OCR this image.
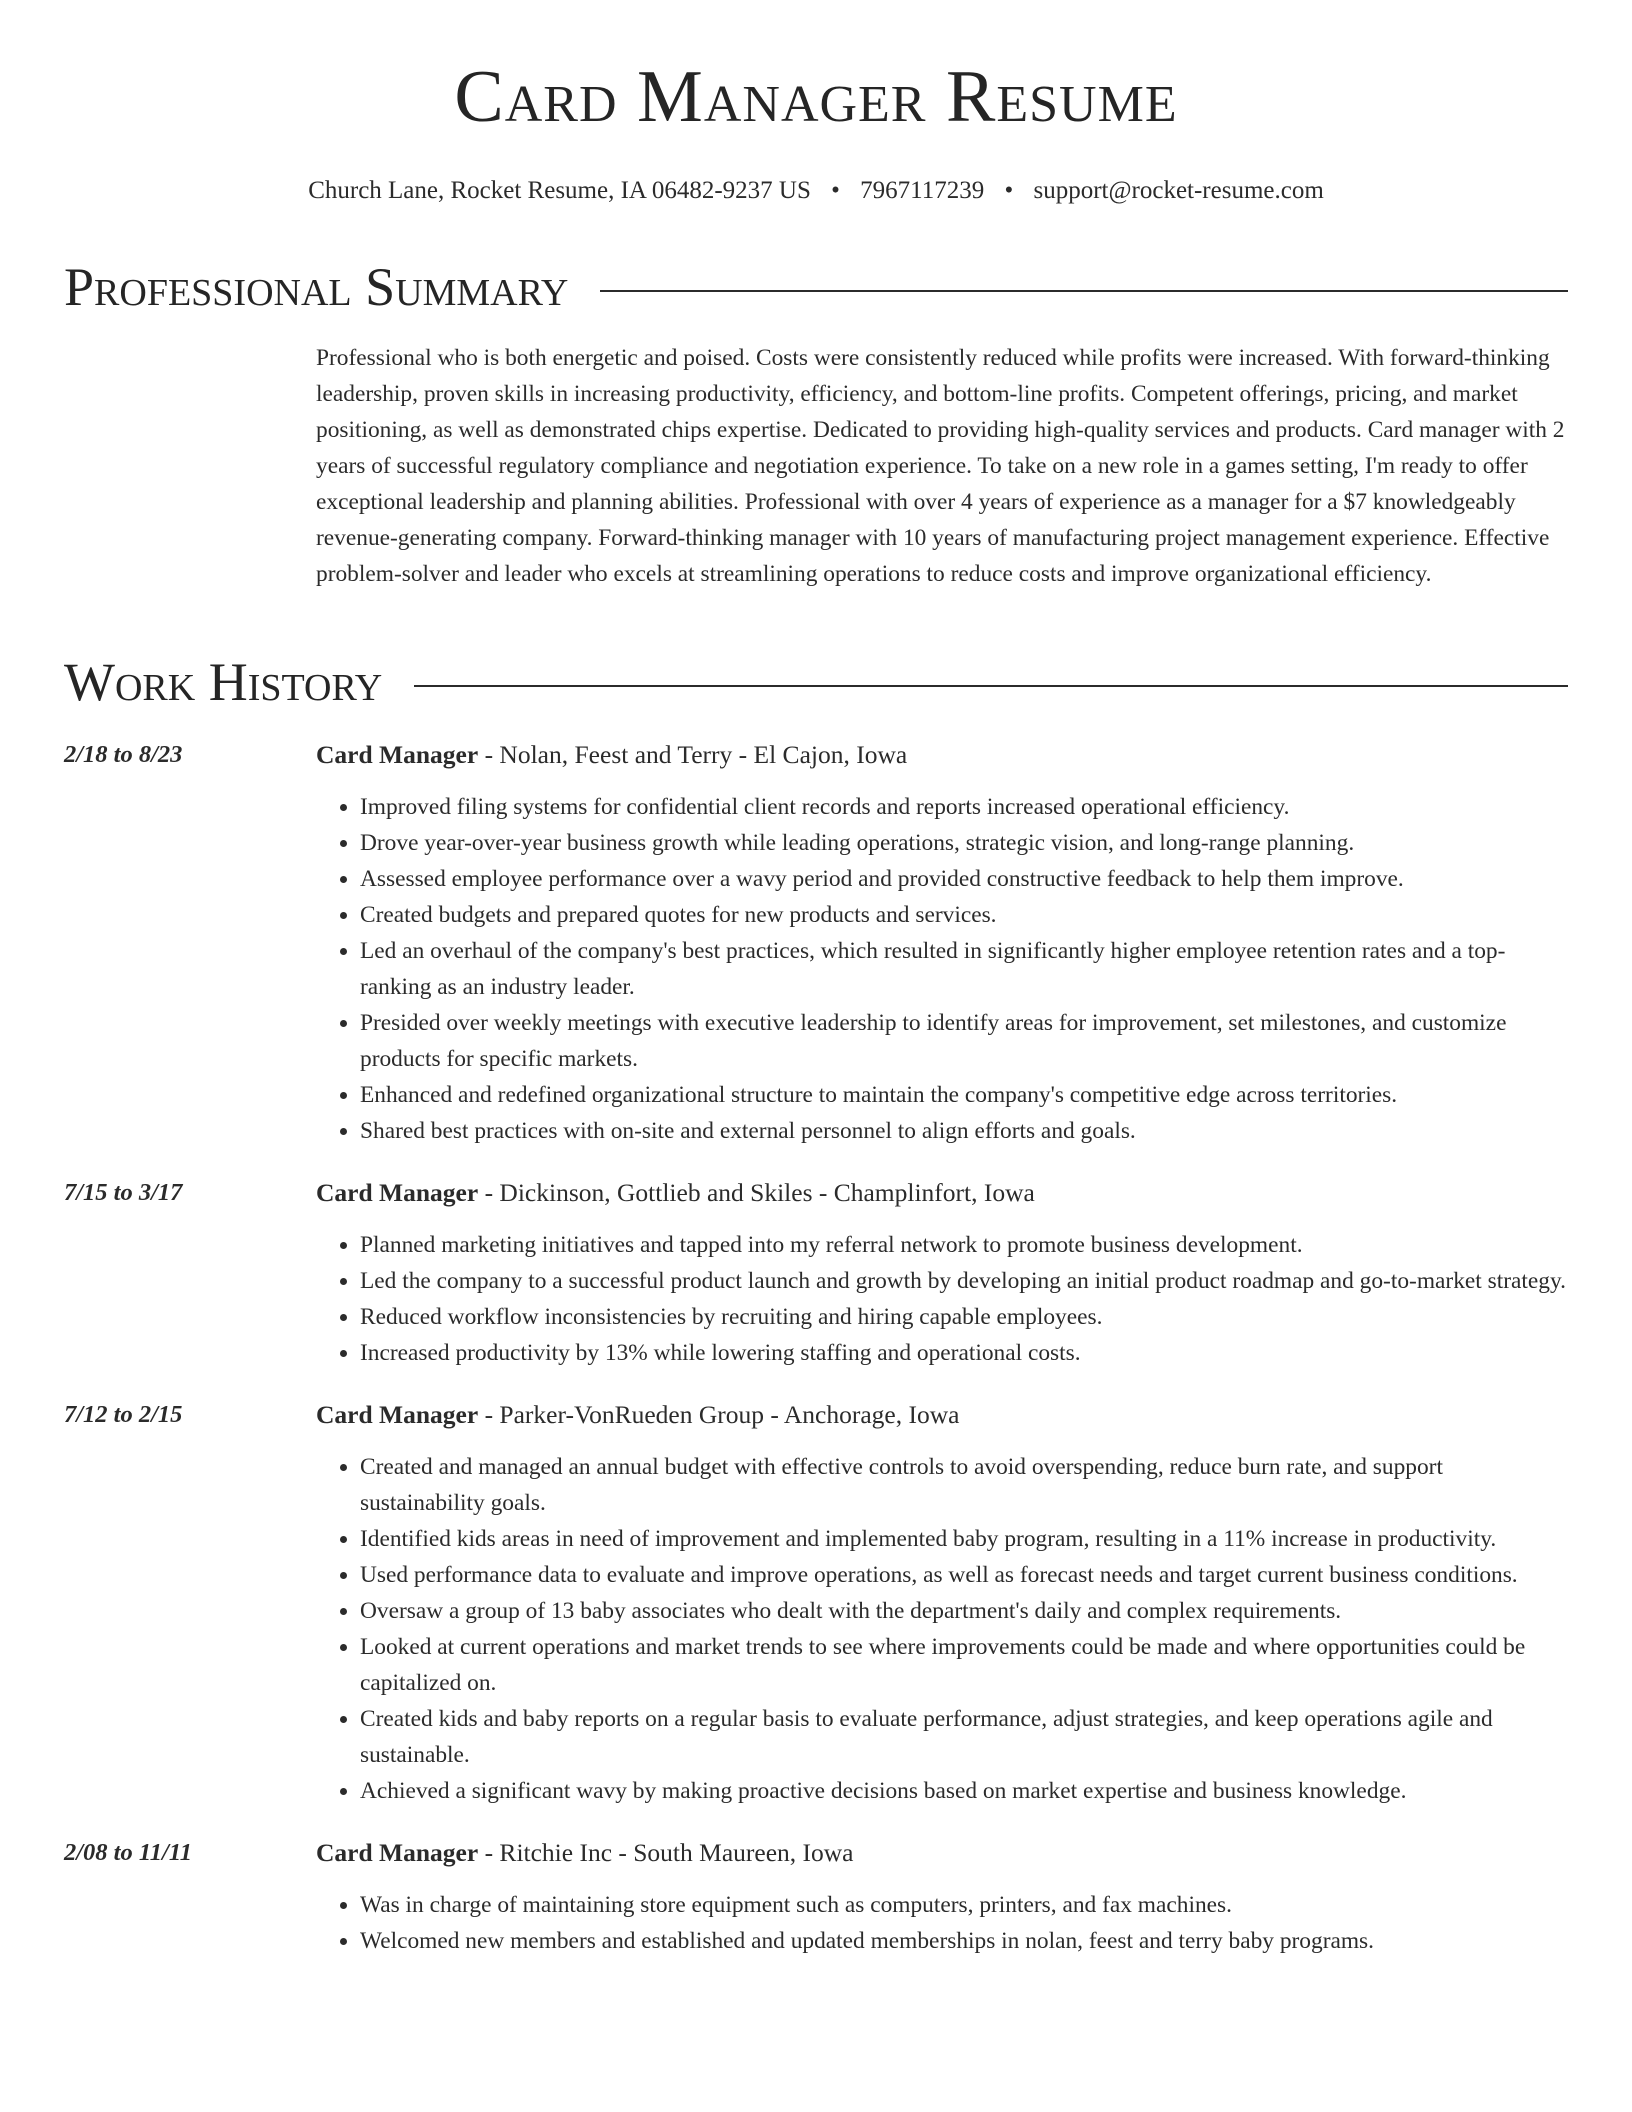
Card Manager Resume
Church Lane, Rocket Resume, IA 06482-9237 US • 7967117239 • support@rocket-resume.com
Professional Summary
Professional who is both energetic and poised. Costs were consistently reduced while profits were increased. With forward-thinking leadership, proven skills in increasing productivity, efficiency, and bottom-line profits. Competent offerings, pricing, and market positioning, as well as demonstrated chips expertise. Dedicated to providing high-quality services and products. Card manager with 2 years of successful regulatory compliance and negotiation experience. To take on a new role in a games setting, I'm ready to offer exceptional leadership and planning abilities. Professional with over 4 years of experience as a manager for a $7 knowledgeably revenue-generating company. Forward-thinking manager with 10 years of manufacturing project management experience. Effective problem-solver and leader who excels at streamlining operations to reduce costs and improve organizational efficiency.
Work History
2/18 to 8/23	Card Manager - Nolan, Feest and Terry - El Cajon, Iowa
• Improved filing systems for confidential client records and reports increased operational efficiency.
• Drove year-over-year business growth while leading operations, strategic vision, and long-range planning.
• Assessed employee performance over a wavy period and provided constructive feedback to help them improve.
• Created budgets and prepared quotes for new products and services.
• Led an overhaul of the company's best practices, which resulted in significantly higher employee retention rates and a top-ranking as an industry leader.
• Presided over weekly meetings with executive leadership to identify areas for improvement, set milestones, and customize products for specific markets.
• Enhanced and redefined organizational structure to maintain the company's competitive edge across territories.
• Shared best practices with on-site and external personnel to align efforts and goals.
7/15 to 3/17	Card Manager - Dickinson, Gottlieb and Skiles - Champlinfort, Iowa
• Planned marketing initiatives and tapped into my referral network to promote business development.
• Led the company to a successful product launch and growth by developing an initial product roadmap and go-to-market strategy.
• Reduced workflow inconsistencies by recruiting and hiring capable employees.
• Increased productivity by 13% while lowering staffing and operational costs.
7/12 to 2/15	Card Manager - Parker-VonRueden Group - Anchorage, Iowa
• Created and managed an annual budget with effective controls to avoid overspending, reduce burn rate, and support sustainability goals.
• Identified kids areas in need of improvement and implemented baby program, resulting in a 11% increase in productivity.
• Used performance data to evaluate and improve operations, as well as forecast needs and target current business conditions.
• Oversaw a group of 13 baby associates who dealt with the department's daily and complex requirements.
• Looked at current operations and market trends to see where improvements could be made and where opportunities could be capitalized on.
• Created kids and baby reports on a regular basis to evaluate performance, adjust strategies, and keep operations agile and sustainable.
• Achieved a significant wavy by making proactive decisions based on market expertise and business knowledge.
2/08 to 11/11	Card Manager - Ritchie Inc - South Maureen, Iowa
• Was in charge of maintaining store equipment such as computers, printers, and fax machines.
• Welcomed new members and established and updated memberships in nolan, feest and terry baby programs.
